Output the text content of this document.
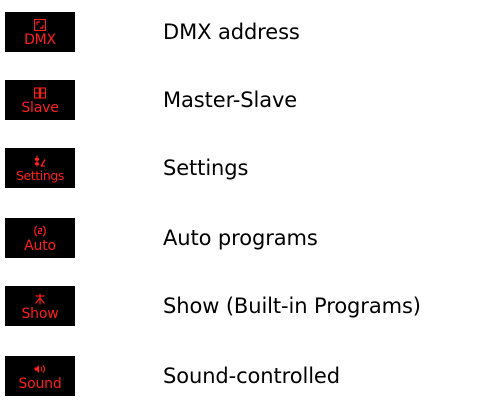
DMX	DMX address
Slave	Master-Slave
Settings	Settings
Auto	Auto programs
Show	Show (Built-in Programs)
Sound	Sound-controlled
